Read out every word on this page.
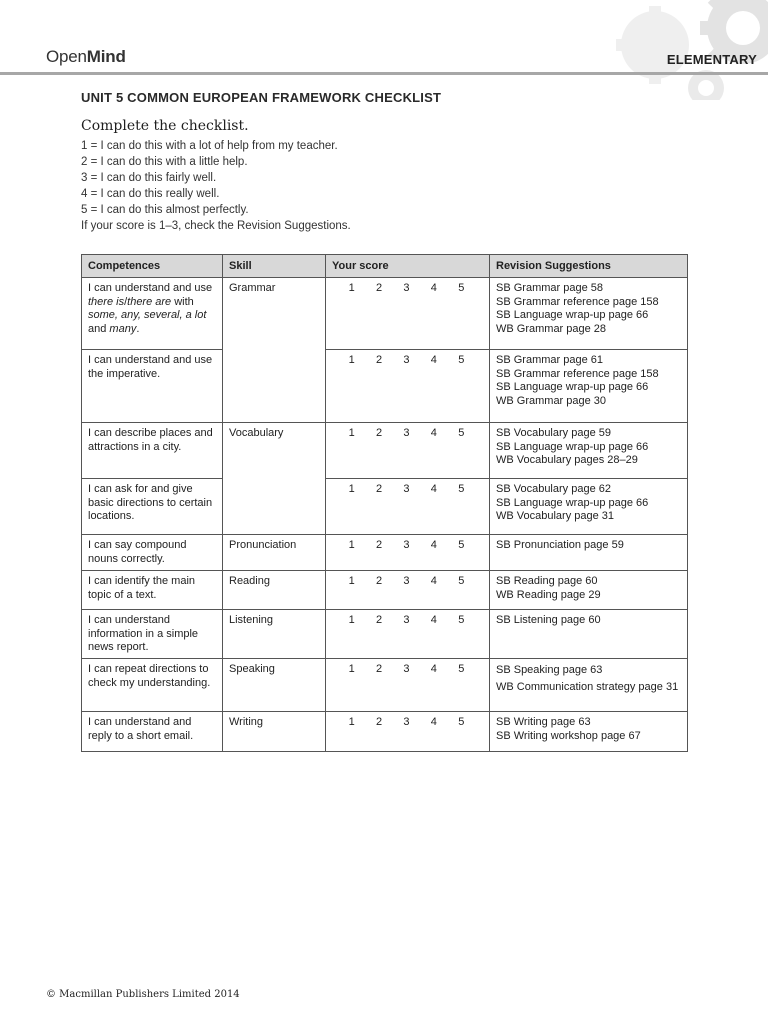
OpenMind	ELEMENTARY
UNIT 5 COMMON EUROPEAN FRAMEWORK CHECKLIST
Complete the checklist.
1 = I can do this with a lot of help from my teacher.
2 = I can do this with a little help.
3 = I can do this fairly well.
4 = I can do this really well.
5 = I can do this almost perfectly.
If your score is 1–3, check the Revision Suggestions.
Competences	Skill	Your score	Revision Suggestions
I can understand and use there is/there are with some, any, several, a lot and many.	Grammar	1 2 3 4 5	SB Grammar page 58
SB Grammar reference page 158
SB Language wrap-up page 66
WB Grammar page 28

I can understand and use the imperative.		1 2 3 4 5	SB Grammar page 61
SB Grammar reference page 158
SB Language wrap-up page 66
WB Grammar page 30

I can describe places and attractions in a city.	Vocabulary	1 2 3 4 5	SB Vocabulary page 59
SB Language wrap-up page 66
WB Vocabulary pages 28–29

I can ask for and give basic directions to certain locations.		1 2 3 4 5	SB Vocabulary page 62
SB Language wrap-up page 66
WB Vocabulary page 31

I can say compound nouns correctly.	Pronunciation	1 2 3 4 5	SB Pronunciation page 59

I can identify the main topic of a text.	Reading	1 2 3 4 5	SB Reading page 60
WB Reading page 29

I can understand information in a simple news report.	Listening	1 2 3 4 5	SB Listening page 60

I can repeat directions to check my understanding.	Speaking	1 2 3 4 5	SB Speaking page 63
WB Communication strategy page 31

I can understand and reply to a short email.	Writing	1 2 3 4 5	SB Writing page 63
SB Writing workshop page 67
© Macmillan Publishers Limited 2014
